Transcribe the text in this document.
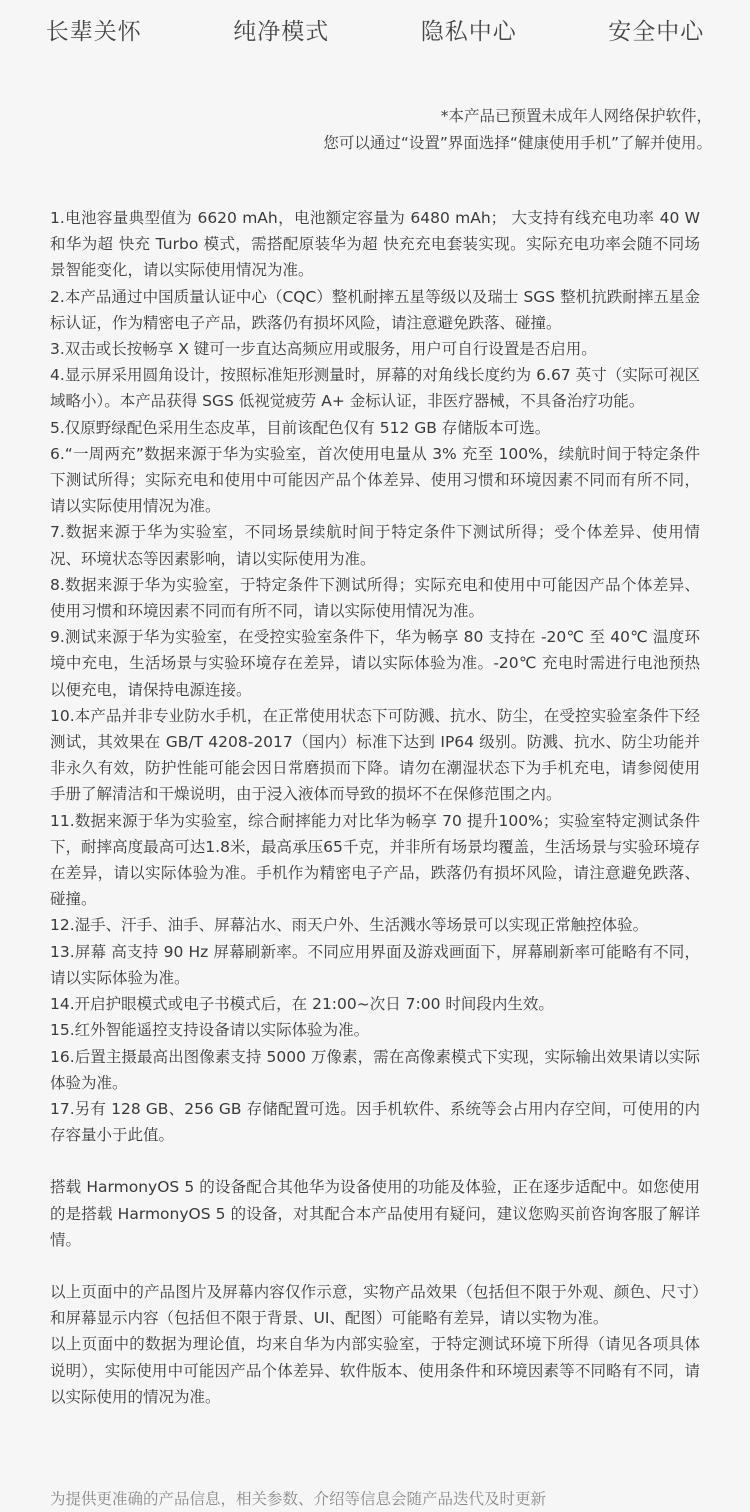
长辈关怀	纯净模式	隐私中心	安全中心
*本产品已预置未成年人网络保护软件，
您可以通过“设置”界面选择“健康使用手机”了解并使用。

1.电池容量典型值为 6620 mAh，电池额定容量为 6480 mAh； 大支持有线充电功率 40 W 和华为超 快充 Turbo 模式，需搭配原装华为超 快充充电套装实现。实际充电功率会随不同场景智能变化，请以实际使用情况为准。

2.本产品通过中国质量认证中心（CQC）整机耐摔五星等级以及瑞士 SGS 整机抗跌耐摔五星金标认证，作为精密电子产品，跌落仍有损坏风险，请注意避免跌落、碰撞。

3.双击或长按畅享 X 键可一步直达高频应用或服务，用户可自行设置是否启用。

4.显示屏采用圆角设计，按照标准矩形测量时，屏幕的对角线长度约为 6.67 英寸（实际可视区域略小）。本产品获得 SGS 低视觉疲劳 A+ 金标认证，非医疗器械，不具备治疗功能。

5.仅原野绿配色采用生态皮革，目前该配色仅有 512 GB 存储版本可选。

6.“一周两充”数据来源于华为实验室，首次使用电量从 3% 充至 100%，续航时间于特定条件下测试所得；实际充电和使用中可能因产品个体差异、使用习惯和环境因素不同而有所不同，请以实际使用情况为准。

7.数据来源于华为实验室，不同场景续航时间于特定条件下测试所得；受个体差异、使用情况、环境状态等因素影响，请以实际使用为准。

8.数据来源于华为实验室，于特定条件下测试所得；实际充电和使用中可能因产品个体差异、使用习惯和环境因素不同而有所不同，请以实际使用情况为准。

9.测试来源于华为实验室，在受控实验室条件下，华为畅享 80 支持在 -20℃ 至 40℃ 温度环境中充电，生活场景与实验环境存在差异，请以实际体验为准。-20℃ 充电时需进行电池预热以便充电，请保持电源连接。

10.本产品并非专业防水手机，在正常使用状态下可防溅、抗水、防尘，在受控实验室条件下经测试，其效果在 GB/T 4208-2017（国内）标准下达到 IP64 级别。防溅、抗水、防尘功能并非永久有效，防护性能可能会因日常磨损而下降。请勿在潮湿状态下为手机充电，请参阅使用手册了解清洁和干燥说明，由于浸入液体而导致的损坏不在保修范围之内。

11.数据来源于华为实验室，综合耐摔能力对比华为畅享 70 提升100%；实验室特定测试条件下，耐摔高度最高可达1.8米，最高承压65千克，并非所有场景均覆盖，生活场景与实验环境存在差异，请以实际体验为准。手机作为精密电子产品，跌落仍有损坏风险，请注意避免跌落、碰撞。

12.湿手、汗手、油手、屏幕沾水、雨天户外、生活溅水等场景可以实现正常触控体验。

13.屏幕 高支持 90 Hz 屏幕刷新率。不同应用界面及游戏画面下，屏幕刷新率可能略有不同，请以实际体验为准。

14.开启护眼模式或电子书模式后，在 21:00~次日 7:00 时间段内生效。

15.红外智能遥控支持设备请以实际体验为准。

16.后置主摄最高出图像素支持 5000 万像素，需在高像素模式下实现，实际输出效果请以实际体验为准。

17.另有 128 GB、256 GB 存储配置可选。因手机软件、系统等会占用内存空间，可使用的内存容量小于此值。

搭载 HarmonyOS 5 的设备配合其他华为设备使用的功能及体验，正在逐步适配中。如您使用的是搭载 HarmonyOS 5 的设备，对其配合本产品使用有疑问，建议您购买前咨询客服了解详情。

以上页面中的产品图片及屏幕内容仅作示意，实物产品效果（包括但不限于外观、颜色、尺寸）和屏幕显示内容（包括但不限于背景、UI、配图）可能略有差异，请以实物为准。

以上页面中的数据为理论值，均来自华为内部实验室，于特定测试环境下所得（请见各项具体说明），实际使用中可能因产品个体差异、软件版本、使用条件和环境因素等不同略有不同，请以实际使用的情况为准。

为提供更准确的产品信息，相关参数、介绍等信息会随产品迭代及时更新
